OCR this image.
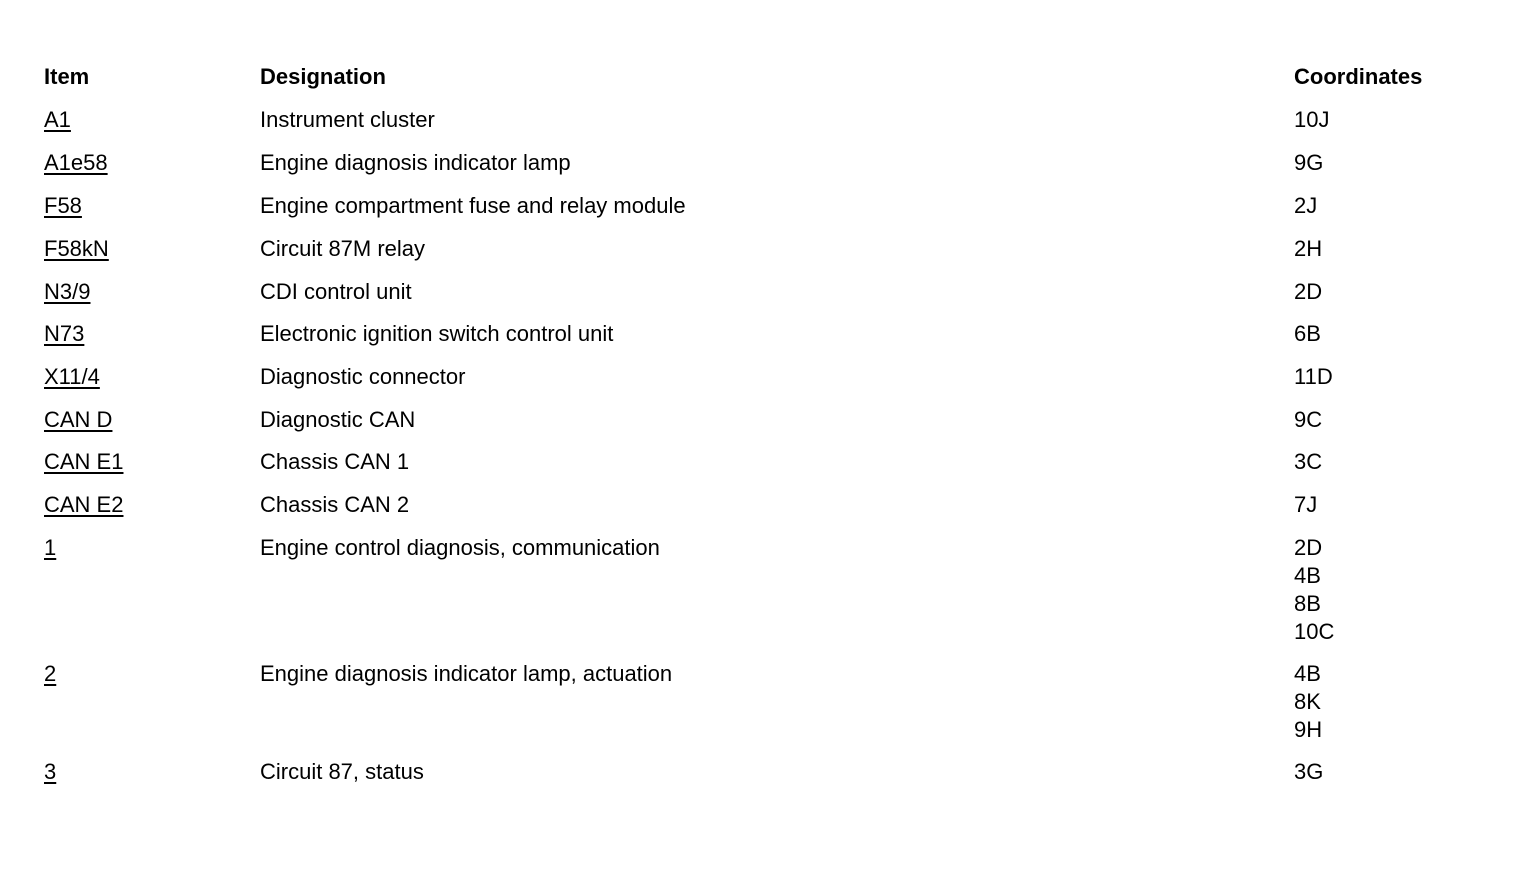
Item	Designation	Coordinates
A1	Instrument cluster	10J
A1e58	Engine diagnosis indicator lamp	9G
F58	Engine compartment fuse and relay module	2J
F58kN	Circuit 87M relay	2H
N3/9	CDI control unit	2D
N73	Electronic ignition switch control unit	6B
X11/4	Diagnostic connector	11D
CAN D	Diagnostic CAN	9C
CAN E1	Chassis CAN 1	3C
CAN E2	Chassis CAN 2	7J
1	Engine control diagnosis, communication	2D
4B
8B
10C
2	Engine diagnosis indicator lamp, actuation	4B
8K
9H
3	Circuit 87, status	3G
